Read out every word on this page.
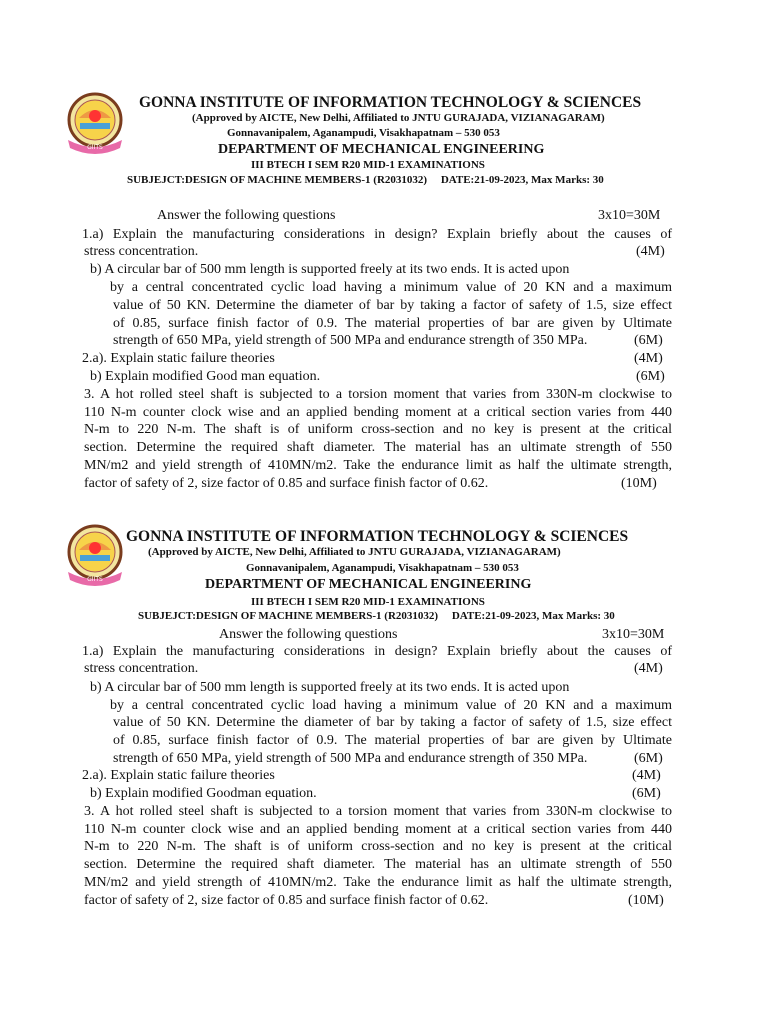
GIITS
GONNA INSTITUTE OF INFORMATION TECHNOLOGY & SCIENCES
(Approved by AICTE, New Delhi, Affiliated to JNTU GURAJADA, VIZIANAGARAM)
Gonnavanipalem, Aganampudi, Visakhapatnam – 530 053
DEPARTMENT OF MECHANICAL ENGINEERING
III BTECH I SEM R20 MID-1 EXAMINATIONS
SUBJEJCT:DESIGN OF MACHINE MEMBERS-1 (R2031032)     DATE:21-09-2023, Max Marks: 30
Answer the following questions	3x10=30M
1.a) Explain the manufacturing considerations in design? Explain briefly about the causes of
stress concentration.	(4M)
b) A circular bar of 500 mm length is supported freely at its two ends. It is acted upon
by a central concentrated cyclic load having a minimum value of 20 KN and a maximum
value of 50 KN. Determine the diameter of bar by taking a factor of safety of 1.5, size effect
of 0.85, surface finish factor of 0.9. The material properties of bar are given by Ultimate
strength of 650 MPa, yield strength of 500 MPa and endurance strength of 350 MPa.	(6M)
2.a). Explain static failure theories	(4M)
b) Explain modified Good man equation.	(6M)
3. A hot rolled steel shaft is subjected to a torsion moment that varies from 330N-m clockwise to
110 N-m counter clock wise and an applied bending moment at a critical section varies from 440
N-m to 220 N-m. The shaft is of uniform cross-section and no key is present at the critical
section. Determine the required shaft diameter. The material has an ultimate strength of 550
MN/m2 and yield strength of 410MN/m2. Take the endurance limit as half the ultimate strength,
factor of safety of 2, size factor of 0.85 and surface finish factor of 0.62.	(10M)
GIITS
GONNA INSTITUTE OF INFORMATION TECHNOLOGY & SCIENCES
(Approved by AICTE, New Delhi, Affiliated to JNTU GURAJADA, VIZIANAGARAM)
Gonnavanipalem, Aganampudi, Visakhapatnam – 530 053
DEPARTMENT OF MECHANICAL ENGINEERING
III BTECH I SEM R20 MID-1 EXAMINATIONS
SUBJEJCT:DESIGN OF MACHINE MEMBERS-1 (R2031032)     DATE:21-09-2023, Max Marks: 30
Answer the following questions	3x10=30M
1.a) Explain the manufacturing considerations in design? Explain briefly about the causes of
stress concentration.	(4M)
b) A circular bar of 500 mm length is supported freely at its two ends. It is acted upon
by a central concentrated cyclic load having a minimum value of 20 KN and a maximum
value of 50 KN. Determine the diameter of bar by taking a factor of safety of 1.5, size effect
of 0.85, surface finish factor of 0.9. The material properties of bar are given by Ultimate
strength of 650 MPa, yield strength of 500 MPa and endurance strength of 350 MPa.	(6M)
2.a). Explain static failure theories	(4M)
b) Explain modified Goodman equation.	(6M)
3. A hot rolled steel shaft is subjected to a torsion moment that varies from 330N-m clockwise to
110 N-m counter clock wise and an applied bending moment at a critical section varies from 440
N-m to 220 N-m. The shaft is of uniform cross-section and no key is present at the critical
section. Determine the required shaft diameter. The material has an ultimate strength of 550
MN/m2 and yield strength of 410MN/m2. Take the endurance limit as half the ultimate strength,
factor of safety of 2, size factor of 0.85 and surface finish factor of 0.62.	(10M)
